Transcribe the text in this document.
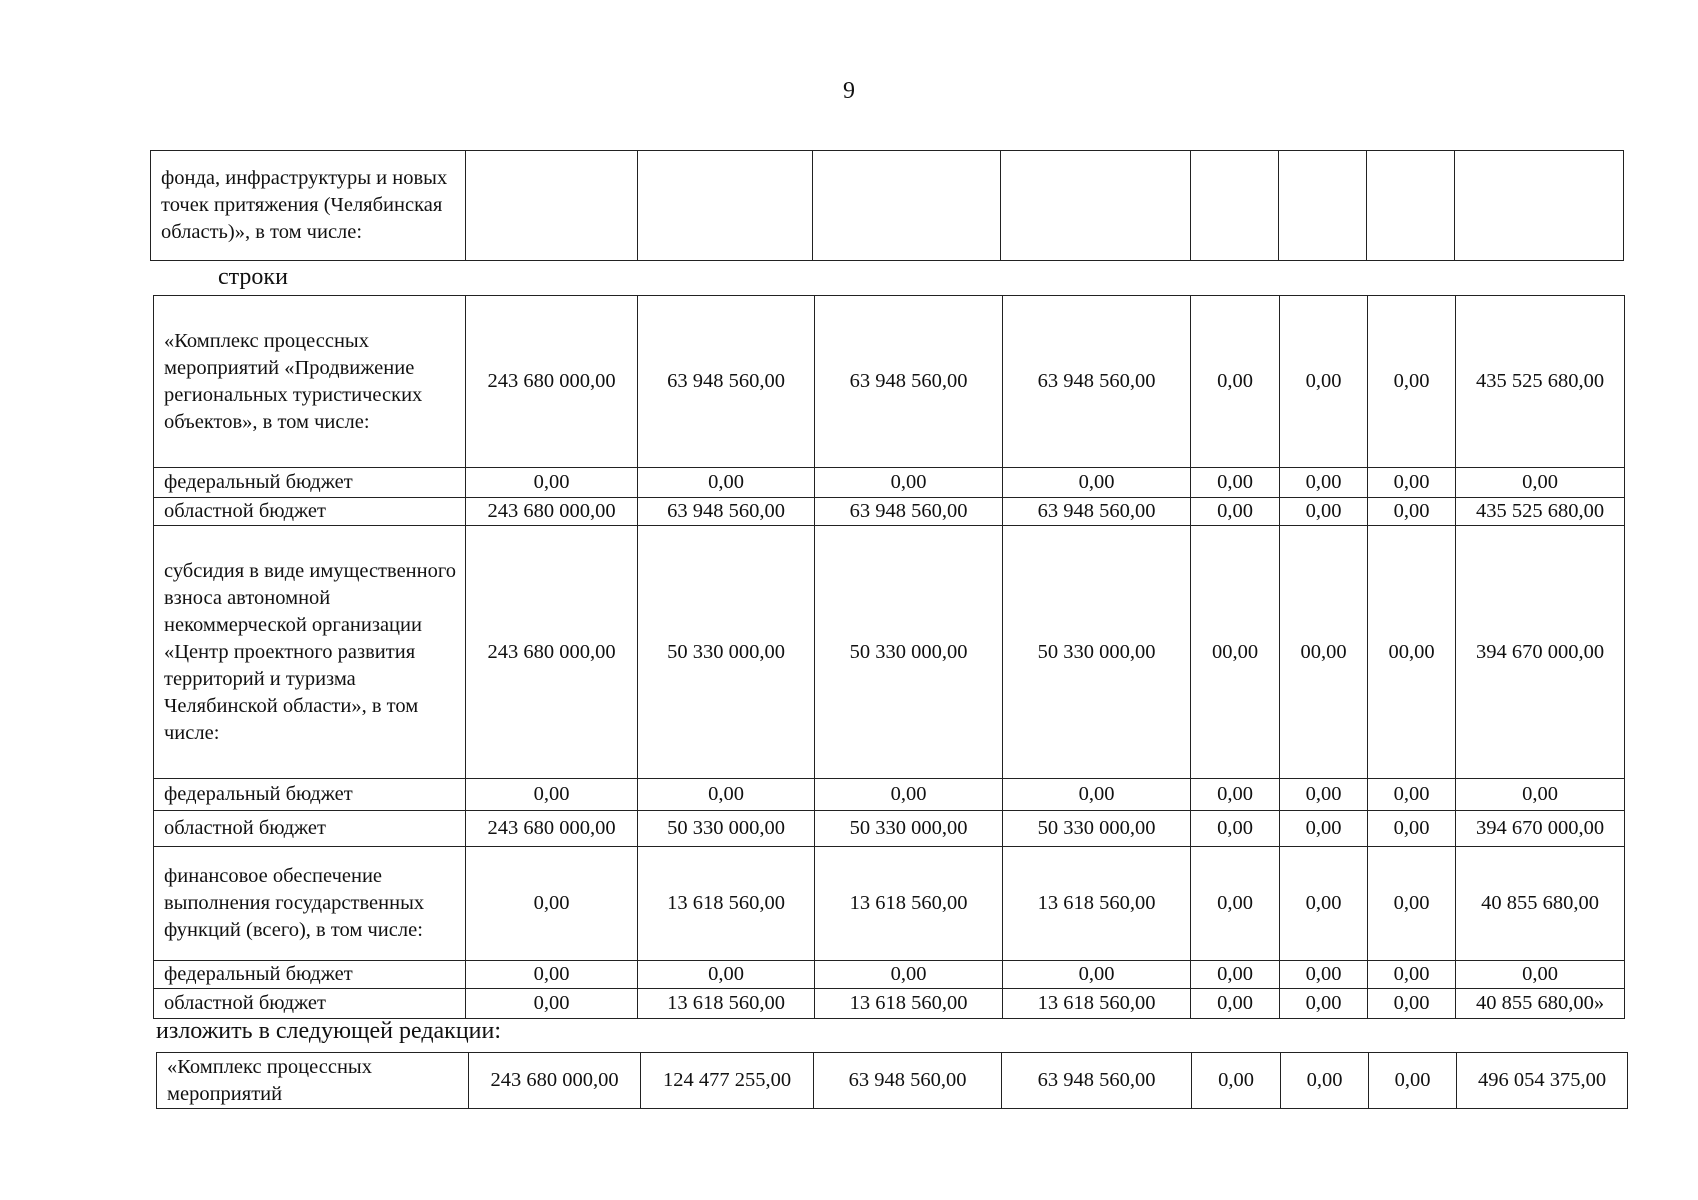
9
фонда, инфраструктуры и новых точек притяжения (Челябинская область)», в том числе:								
строки
«Комплекс процессных мероприятий «Продвижение региональных туристических объектов», в том числе:	243 680 000,00	63 948 560,00	63 948 560,00	63 948 560,00	0,00	0,00	0,00	435 525 680,00
федеральный бюджет	0,00	0,00	0,00	0,00	0,00	0,00	0,00	0,00
областной бюджет	243 680 000,00	63 948 560,00	63 948 560,00	63 948 560,00	0,00	0,00	0,00	435 525 680,00
субсидия в виде имущественного взноса автономной некоммерческой организации «Центр проектного развития территорий и туризма Челябинской области», в том числе:	243 680 000,00	50 330 000,00	50 330 000,00	50 330 000,00	00,00	00,00	00,00	394 670 000,00
федеральный бюджет	0,00	0,00	0,00	0,00	0,00	0,00	0,00	0,00
областной бюджет	243 680 000,00	50 330 000,00	50 330 000,00	50 330 000,00	0,00	0,00	0,00	394 670 000,00
финансовое обеспечение выполнения государственных функций (всего), в том числе:	0,00	13 618 560,00	13 618 560,00	13 618 560,00	0,00	0,00	0,00	40 855 680,00
федеральный бюджет	0,00	0,00	0,00	0,00	0,00	0,00	0,00	0,00
областной бюджет	0,00	13 618 560,00	13 618 560,00	13 618 560,00	0,00	0,00	0,00	40 855 680,00»
изложить в следующей редакции:
«Комплекс процессных мероприятий	243 680 000,00	124 477 255,00	63 948 560,00	63 948 560,00	0,00	0,00	0,00	496 054 375,00
